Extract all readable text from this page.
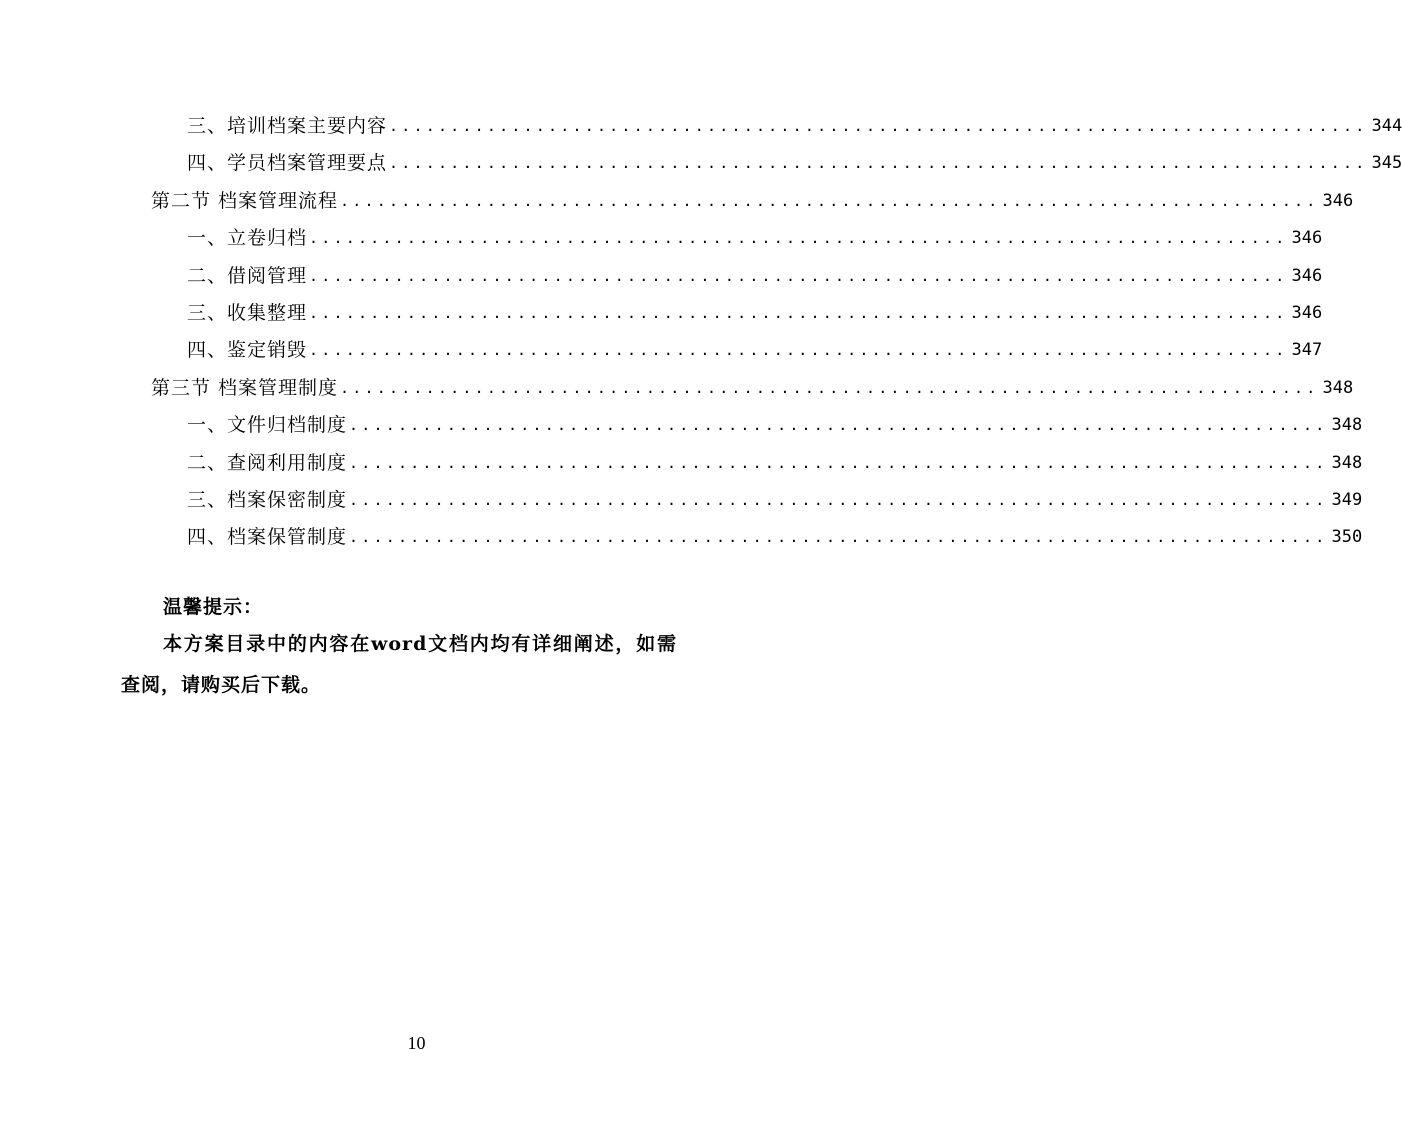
三、培训档案主要内容 ................................................................................ 344
四、学员档案管理要点 ................................................................................ 345
第二节 档案管理流程 ................................................................................ 346
一、立卷归档 ................................................................................ 346
二、借阅管理 ................................................................................ 346
三、收集整理 ................................................................................ 346
四、鉴定销毁 ................................................................................ 347
第三节 档案管理制度 ................................................................................ 348
一、文件归档制度 ................................................................................ 348
二、查阅利用制度 ................................................................................ 348
三、档案保密制度 ................................................................................ 349
四、档案保管制度 ................................................................................ 350
温馨提示：
本方案目录中的内容在word文档内均有详细阐述，如需查阅，请购买后下载。
10
